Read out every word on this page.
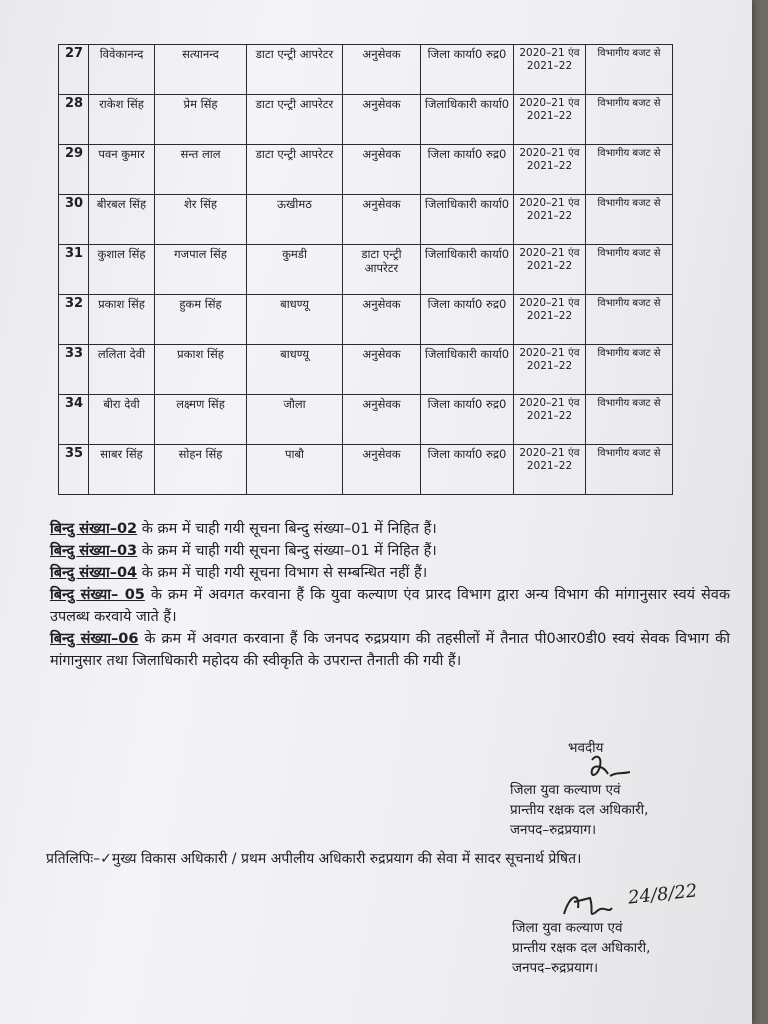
27	विवेकानन्द	सत्यानन्द	डाटा एन्ट्री आपरेटर	अनुसेवक	जिला कार्या0 रुद्र0	2020–21 एंव 2021–22	विभागीय बजट से
28	राकेश सिंह	प्रेम सिंह	डाटा एन्ट्री आपरेटर	अनुसेवक	जिलाधिकारी कार्या0	2020–21 एंव 2021–22	विभागीय बजट से
29	पवन कुमार	सन्त लाल	डाटा एन्ट्री आपरेटर	अनुसेवक	जिला कार्या0 रुद्र0	2020–21 एंव 2021–22	विभागीय बजट से
30	बीरबल सिंह	शेर सिंह	ऊखीमठ	अनुसेवक	जिलाधिकारी कार्या0	2020–21 एंव 2021–22	विभागीय बजट से
31	कुशाल सिंह	गजपाल सिंह	कुमडी	डाटा एन्ट्री आपरेटर	जिलाधिकारी कार्या0	2020–21 एंव 2021–22	विभागीय बजट से
32	प्रकाश सिंह	हुकम सिंह	बाधण्यू	अनुसेवक	जिला कार्या0 रुद्र0	2020–21 एंव 2021–22	विभागीय बजट से
33	ललिता देवी	प्रकाश सिंह	बाधण्यू	अनुसेवक	जिलाधिकारी कार्या0	2020–21 एंव 2021–22	विभागीय बजट से
34	बीरा देवी	लक्ष्मण सिंह	जौला	अनुसेवक	जिला कार्या0 रुद्र0	2020–21 एंव 2021–22	विभागीय बजट से
35	साबर सिंह	सोहन सिंह	पाबौ	अनुसेवक	जिला कार्या0 रुद्र0	2020–21 एंव 2021–22	विभागीय बजट से

बिन्दु संख्या–02 के क्रम में चाही गयी सूचना बिन्दु संख्या–01 में निहित हैं।

बिन्दु संख्या–03 के क्रम में चाही गयी सूचना बिन्दु संख्या–01 में निहित हैं।

बिन्दु संख्या–04 के क्रम में चाही गयी सूचना विभाग से सम्बन्धित नहीं हैं।

बिन्दु संख्या– 05 के क्रम में अवगत करवाना हैं कि युवा कल्याण एंव प्रारद विभाग द्वारा अन्य विभाग की मांगानुसार स्वयं सेवक उपलब्ध करवाये जाते हैं।

बिन्दु संख्या–06 के क्रम में अवगत करवाना हैं कि जनपद रुद्रप्रयाग की तहसीलों में तैनात पी0आर0डी0 स्वयं सेवक विभाग की मांगानुसार तथा जिलाधिकारी महोदय की स्वीकृति के उपरान्त तैनाती की गयी हैं।

भवदीय
जिला युवा कल्याण एवं
प्रान्तीय रक्षक दल अधिकारी,
जनपद–रुद्रप्रयाग।
प्रतिलिपिः–✓मुख्य विकास अधिकारी / प्रथम अपीलीय अधिकारी रुद्रप्रयाग की सेवा में सादर सूचनार्थ प्रेषित।
24/8/22
जिला युवा कल्याण एवं
प्रान्तीय रक्षक दल अधिकारी,
जनपद–रुद्रप्रयाग।
